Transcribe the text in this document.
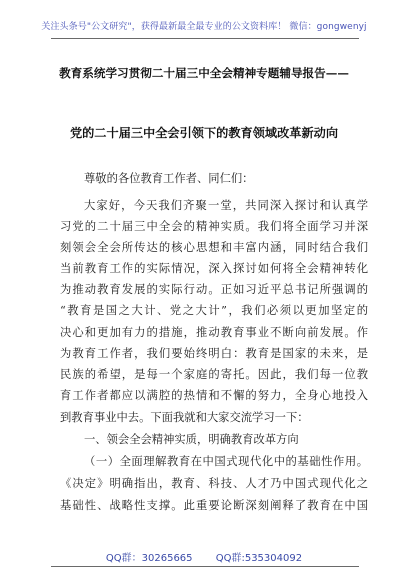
关注头条号"公文研究"，获得最新最全最专业的公文资料库！ 微信：gongwenyj
教育系统学习贯彻二十届三中全会精神专题辅导报告——
党的二十届三中全会引领下的教育领域改革新动向
尊敬的各位教育工作者、同仁们：
大家好，今天我们齐聚一堂，共同深入探讨和认真学
习党的二十届三中全会的精神实质。我们将全面学习并深
刻领会全会所传达的核心思想和丰富内涵，同时结合我们
当前教育工作的实际情况，深入探讨如何将全会精神转化
为推动教育发展的实际行动。正如习近平总书记所强调的
“教育是国之大计、党之大计”，我们必须以更加坚定的
决心和更加有力的措施，推动教育事业不断向前发展。作
为教育工作者，我们要始终明白：教育是国家的未来，是
民族的希望，是每一个家庭的寄托。因此，我们每一位教
育工作者都应以满腔的热情和不懈的努力，全身心地投入
到教育事业中去。下面我就和大家交流学习一下：
一、领会全会精神实质，明确教育改革方向
（一）全面理解教育在中国式现代化中的基础性作用。
《决定》明确指出，教育、科技、人才乃中国式现代化之
基础性、战略性支撑。此重要论断深刻阐释了教育在中国
QQ群：30265665 QQ群:535304092
